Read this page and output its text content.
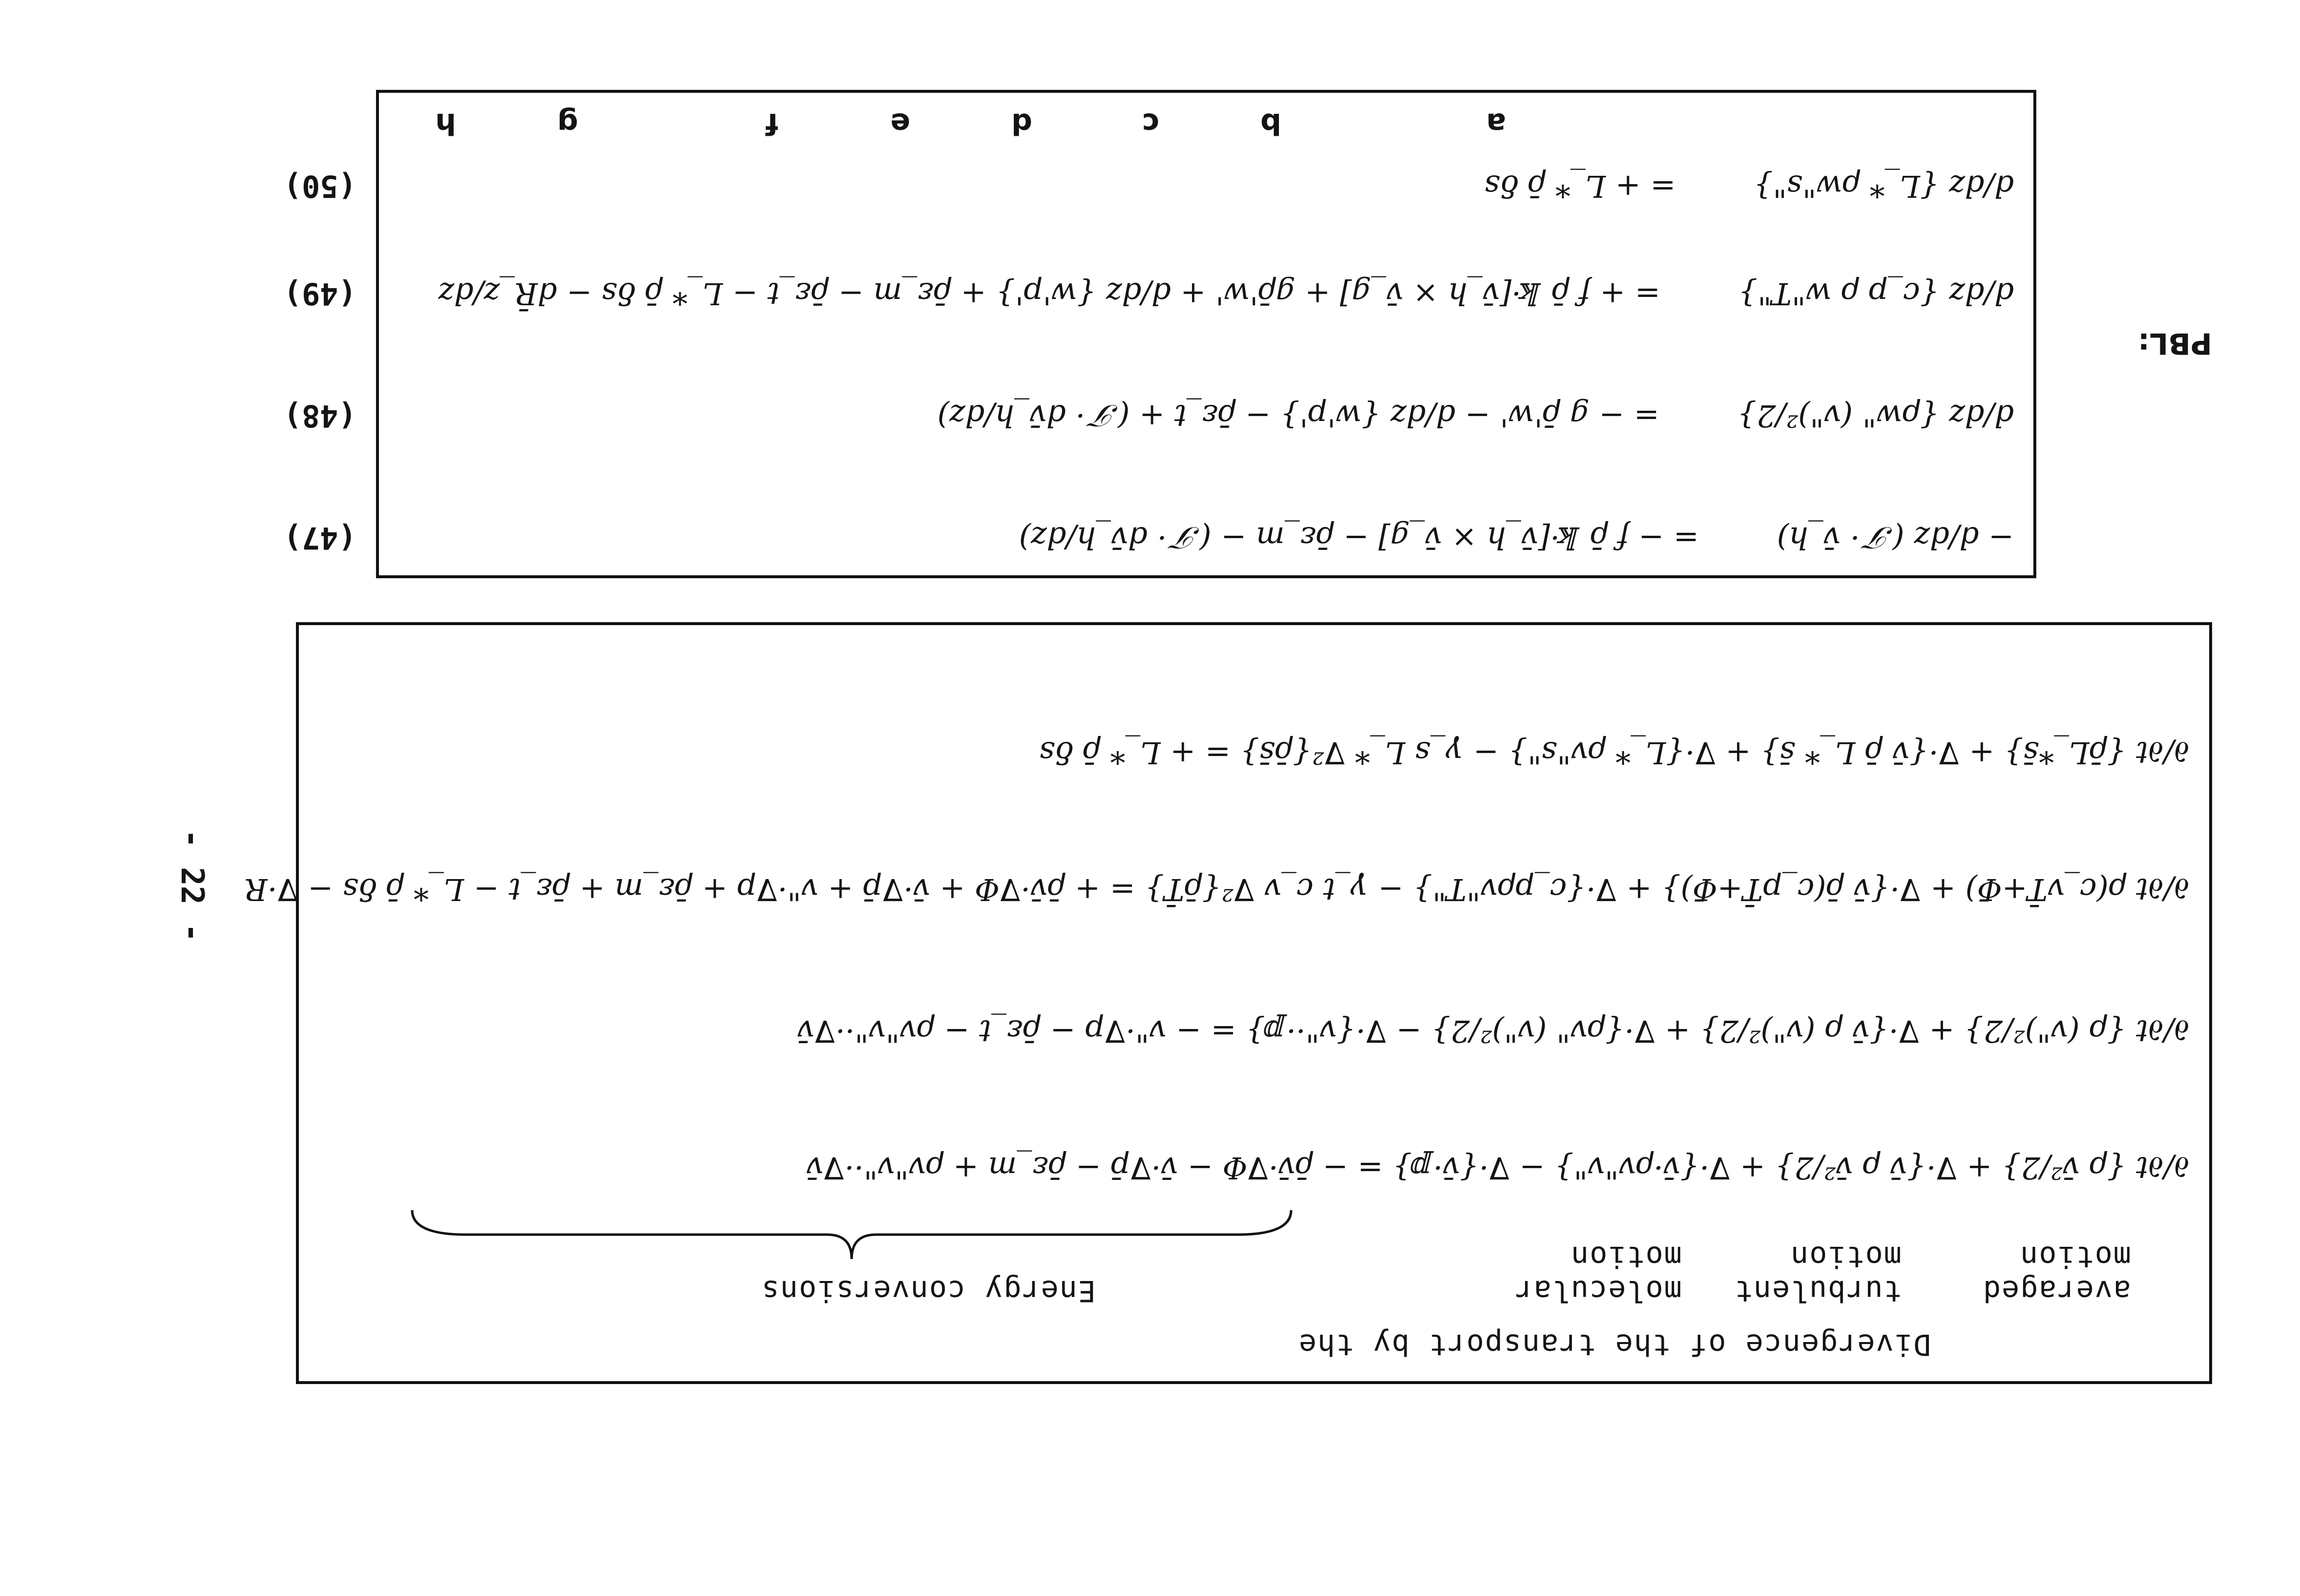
Divergence of the transport by the
averaged
motion
turbulent
motion
molecular
motion
Energy conversions
∂/∂t {ρ v̄²/2} + ∇·{v̄ ρ v̄²/2} + ∇·{v̄·ρv"v"} − ∇·{v̄·𝕡} = − ρ̄v̄·∇Φ − v̄·∇p̄ − ρ̄ε_m + ρv"v"··∇v̄
∂/∂t {ρ (v")²/2} + ∇·{v̄ ρ (v")²/2} + ∇·{ρv" (v")²/2} − ∇·{v"··𝕡} = − v"·∇p − ρ̄ε_t − ρv"v"··∇v̄
∂/∂t ρ(c_vT̄+Φ̄) + ∇·{v̄ ρ̄(c_pT̄+Φ̄)} + ∇·{c_pρv"T"} − γ_t c_v ∇²{ρ̄T̄} = + ρ̄v̄·∇Φ + v̄·∇p̄ + v"·∇p + ρ̄ε_m + ρ̄ε_t − L_* ρ̄ δs − ∇·R
∂/∂t {ρ̄L_*s̄} + ∇·{v̄ ρ̄ L_* s̄} + ∇·{L_* ρv"s"} − γ_s L_* ∇²{ρ̄s̄} = + L_* ρ̄ δs
− d/dz (𝒯 · v̄_h) = − f ρ̄ 𝕜·[v̄_h × v̄_g] − ρ̄ε_m − (𝒯 · dv̄_h/dz)
d/dz {ρw" (v")²/2} = − g ρ̄'w' − d/dz {w'p'} − ρ̄ε_t + (𝒯 · dv̄_h/dz)
d/dz {c_p ρ w"T"} = + f ρ̄ 𝕜·[v̄_h × v̄_g] + gρ̄'w' + d/dz {w'p'} + ρ̄ε_m − ρ̄ε_t − L_* ρ̄ δs − dR̄_z/dz
d/dz {L_* ρw"s"} = + L_* ρ̄ δs
a
b
c
d
e
f
g
h
(47)
(48)
(49)
(50)
PBL:
- 22 -
